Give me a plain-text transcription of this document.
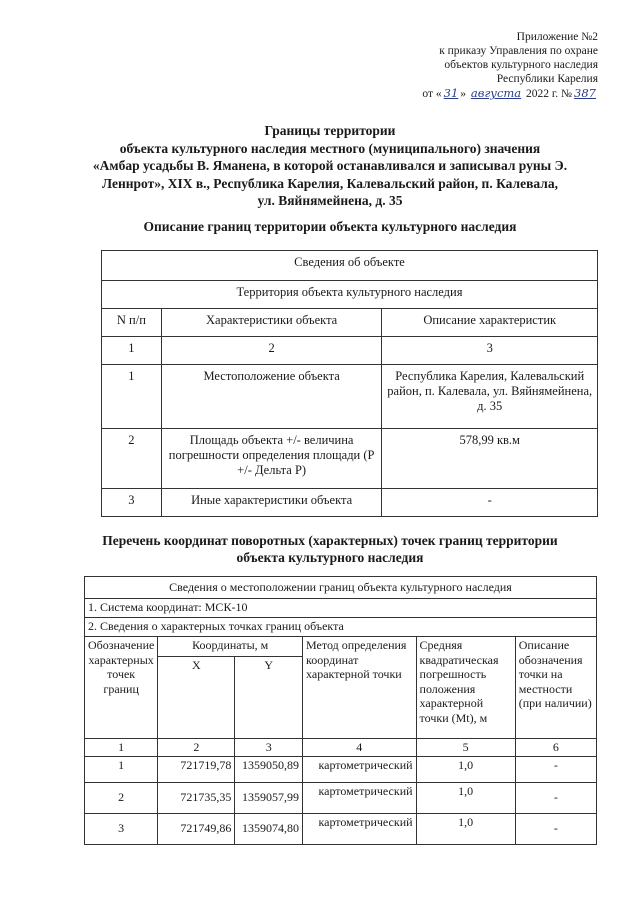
Приложение №2
к приказу Управления по охране
объектов культурного наследия
Республики Карелия
от « 31 » августа 2022 г. № 387
Границы территории
объекта культурного наследия местного (муниципального) значения
«Амбар усадьбы В. Яманена, в которой останавливался и записывал руны Э.
Леннрот», XIX в., Республика Карелия, Калевальский район, п. Калевала,
ул. Вяйнямейнена, д. 35
Описание границ территории объекта культурного наследия
Сведения об объекте		
Территория объекта культурного наследия		
N п/п	Характеристики объекта	Описание характеристик
1	2	3
1	Местоположение объекта	Республика Карелия, Калевальский район, п. Калевала, ул. Вяйнямейнена, д. 35
2	Площадь объекта +/- величина погрешности определения площади (Р +/- Дельта Р)	578,99 кв.м
3	Иные характеристики объекта	-
Перечень координат поворотных (характерных) точек границ территории
объекта культурного наследия
Сведения о местоположении границ объекта культурного наследия					
1. Система координат: МСК-10					
2. Сведения о характерных точках границ объекта					
Обозначение характерных точек границ	Координаты, м		Метод определения координат характерной точки	Средняя квадратическая погрешность положения характерной точки (Mt), м	Описание обозначения точки на местности (при наличии)
	X	Y			
1	2	3	4	5	6
1	721719,78	1359050,89	картометрический	1,0	-
2	721735,35	1359057,99	картометрический	1,0	-
3	721749,86	1359074,80	картометрический	1,0	-
